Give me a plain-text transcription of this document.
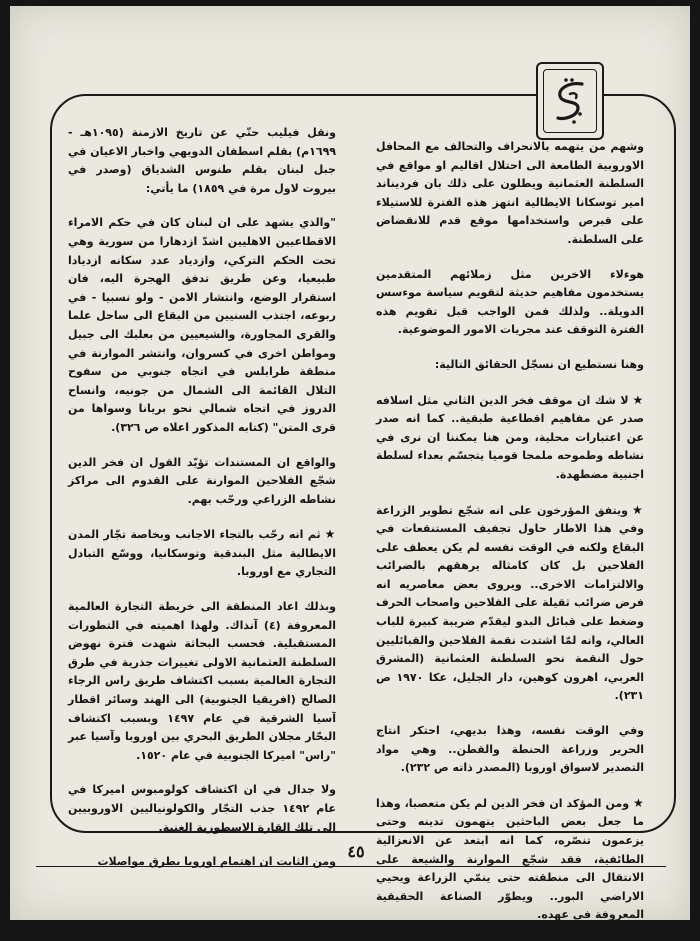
وشهم من يتهمه بالانحراف والتحالف مع المحافل الاوروبية الطامعة الى احتلال اقاليم او مواقع في السلطنة العثمانية ويطلون على ذلك بان فرديناند امير توسكانا الايطالية انتهز هذه الفترة للاستيلاء على قبرص واستخدامها موقع قدم للانقضاض على السلطنة.

هوءلاء الاخرين مثل زملائهم المتقدمين يستخدمون مفاهيم حديثة لتقويم سياسة موءسس الدويلة.. ولذلك فمن الواجب قبل تقويم هذه الفترة التوقف عند مجريات الامور الموضوعية.

وهنا نستطيع ان نسجّل الحقائق التالية:

★لا شك ان موقف فخر الدين الثاني مثل اسلافه صدر عن مفاهيم اقطاعية طبقية.. كما انه صدر عن اعتبارات محلية، ومن هنا يمكننا ان نرى في نشاطه وطموحه ملمحا قوميا يتجسّم بعداء لسلطة اجنبية مضطهدة.

★ويتفق المؤرخون على انه شجّع تطوير الزراعة وفي هذا الاطار حاول تجفيف المستنقعات في البقاع ولكنه في الوقت نفسه لم يكن يعطف على الفلاحين بل كان كامثاله يرهقهم بالضرائب والالتزامات الاخرى.. ويروى بعض معاصريه انه فرض ضرائب ثقيلة على الفلاحين واصحاب الحرف وضغط على قبائل البدو ليقدّم ضريبة كبيرة للباب العالي، وانه لمّا اشتدت نقمة الفلاحين والقبائليين حول النقمة نحو السلطنة العثمانية (المشرق العربي، اهرون كوهين، دار الجليل، عكا ١٩٧٠ ص ٢٣١).

وفي الوقت نفسه، وهذا بديهي، احتكر انتاج الحرير وزراعة الحنطة والقطن.. وهي مواد التصدير لاسواق اوروبا (المصدر ذاته ص ٢٣٢).

★ومن المؤكد ان فخر الدين لم يكن متعصبا، وهذا ما جعل بعض الباحثين يتهمون تدينه وحتى يزعمون تنصّره، كما انه ابتعد عن الانعزالية الطائفية، فقد شجّع الموارنة والشيعة على الانتقال الى منطقته حتى ينمّي الزراعة ويحيي الاراضي البور.. ويطوّر الصناعة الحقيقية المعروفة في عهده.

ونقل فيليب حتّي عن تاريخ الازمنة (١٠٩٥هـ - ١٦٩٩م) بقلم اسطفان الدويهي واخبار الاعيان في جبل لبنان بقلم طنوس الشدياق (وصدر في بيروت لاول مرة في ١٨٥٩) ما يأتي:

"والذي يشهد على ان لبنان كان في حكم الامراء الاقطاعيين الاهليين اشدّ ازدهارا من سورية وهي تحت الحكم التركي، وازدياد عدد سكانه ازديادا طبيعيا، وعن طريق تدفق الهجرة اليه، فان استقرار الوضع، وانتشار الامن - ولو نسبيا - في ربوعه، اجتذب السنيين من البقاع الى ساحل علما والقرى المجاورة، والشيعيين من بعلبك الى جبيل ومواطن اخرى في كسروان، وانتشر الموارنة في منطقة طرابلس في اتجاه جنوبي من سفوح التلال القائمة الى الشمال من جونيه، وانساح الدروز في اتجاه شمالي نحو بريانا وسواها من قرى المتن" (كتابه المذكور اعلاه ص ٣٢٦).

والواقع ان المستندات تؤيّد القول ان فخر الدين شجّع الفلاحين الموارنة على القدوم الى مراكز نشاطه الزراعي ورحّب بهم.

★ثم انه رحّب بالتجاء الاجانب وبخاصة تجّار المدن الايطالية مثل البندقية وتوسكانيا، ووسّع التبادل التجاري مع اوروبا.

وبذلك اعاد المنطقة الى خريطة التجارة العالمية المعروفة (٤) آنذاك. ولهذا اهميته في التطورات المستقبلية. فحسب البحاثة شهدت فترة نهوض السلطنة العثمانية الاولى تغييرات جذرية في طرق التجارة العالمية بسبب اكتشاف طريق راس الرجاء الصالح (افريقيا الجنوبية) الى الهند وسائر اقطار آسيا الشرقية في عام ١٤٩٧ وبسبب اكتشاف البحّار مجلان الطريق البحري بين اوروبا وآسيا عبر "راس" اميركا الجنوبية في عام ١٥٢٠.

ولا جدال في ان اكتشاف كولومبوس اميركا في عام ١٤٩٢ جذب التجّار والكولونياليين الاوروبيين الى تلك القارة الاسطورية الغنية.

ومن الثابت ان اهتمام اوروبا بطرق مواصلات

٤٥
